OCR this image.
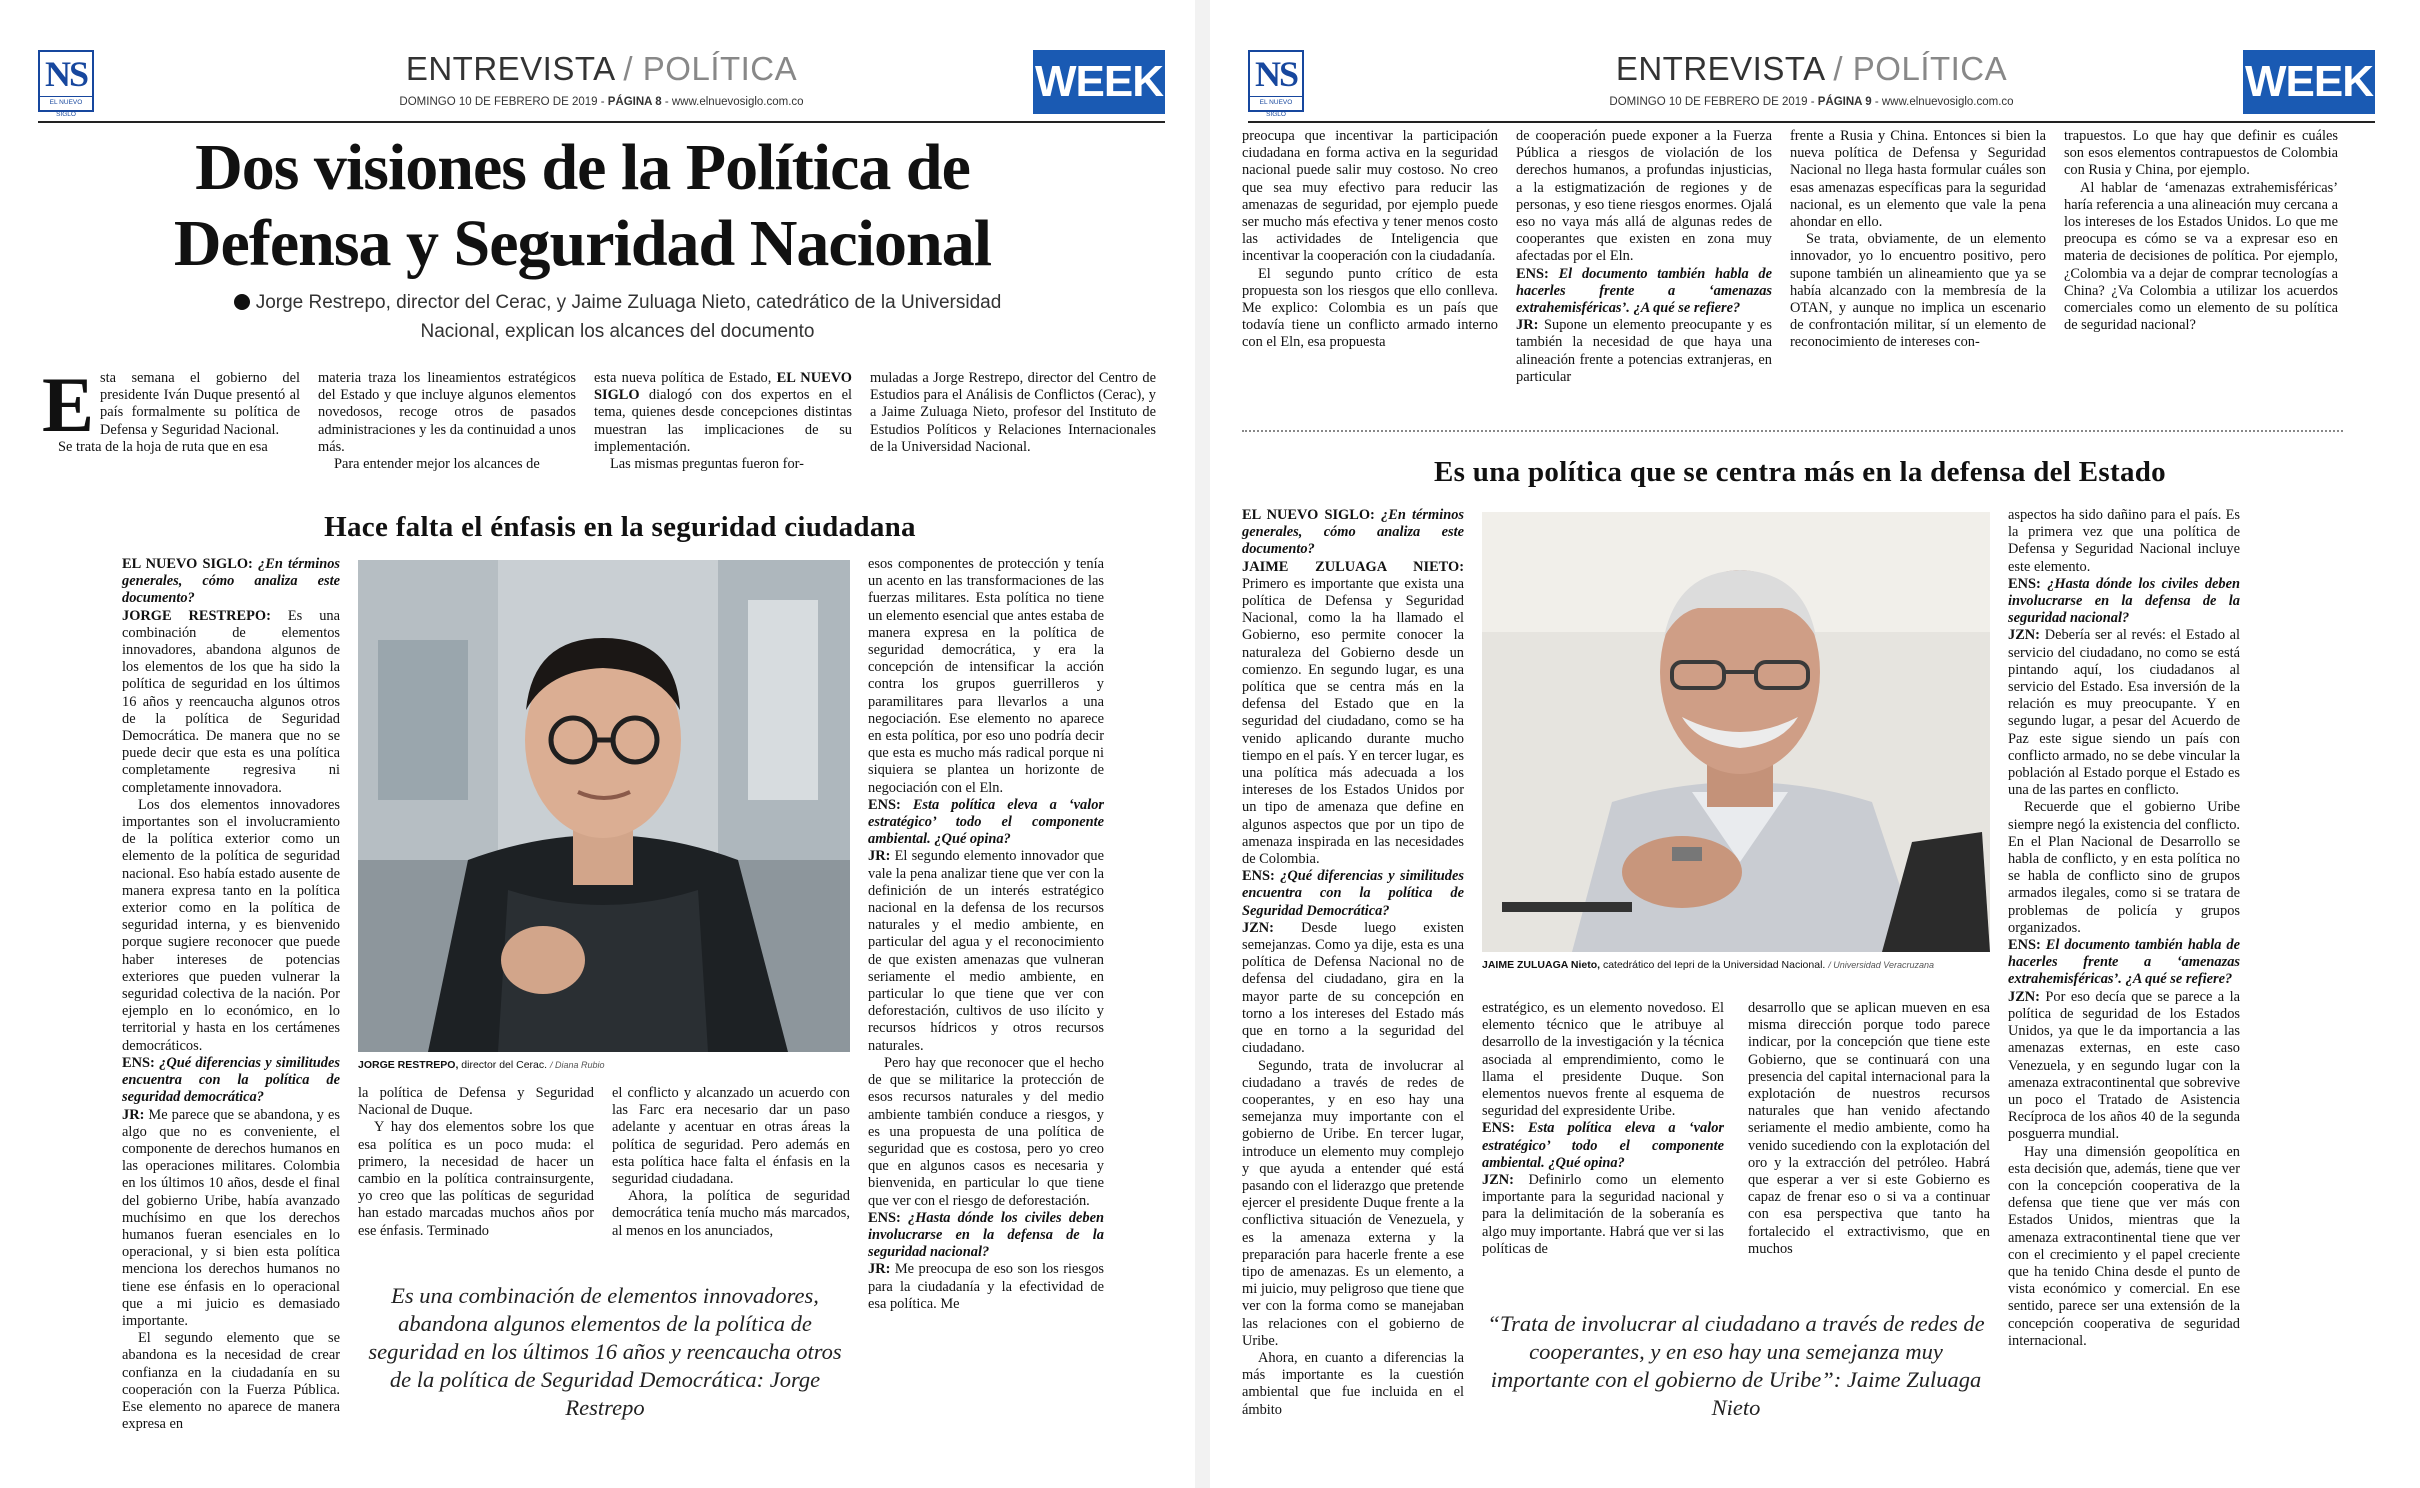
NS
EL NUEVO SIGLO
ENTREVISTA / POLÍTICA
DOMINGO 10 DE FEBRERO DE 2019 - PÁGINA 8 - www.elnuevosiglo.com.co	WEEK
Dos visiones de la Política de Defensa y Seguridad Nacional
Jorge Restrepo, director del Cerac, y Jaime Zuluaga Nieto, catedrático de la Universidad Nacional, explican los alcances del documento

Esta semana el gobierno del presidente Iván Duque presentó al país formalmente su política de Defensa y Seguridad Nacional.

Se trata de la hoja de ruta que en esa

materia traza los lineamientos estratégicos del Estado y que incluye algunos elementos novedosos, recoge otros de pasados administraciones y les da continuidad a unos más.

Para entender mejor los alcances de

esta nueva política de Estado, EL NUEVO SIGLO dialogó con dos expertos en el tema, quienes desde concepciones distintas muestran las implicaciones de su implementación.

Las mismas preguntas fueron for-

muladas a Jorge Restrepo, director del Centro de Estudios para el Análisis de Conflictos (Cerac), y a Jaime Zuluaga Nieto, profesor del Instituto de Estudios Políticos y Relaciones Internacionales de la Universidad Nacional.

Hace falta el énfasis en la seguridad ciudadana

EL NUEVO SIGLO: ¿En términos generales, cómo analiza este documento?

JORGE RESTREPO: Es una combinación de elementos innovadores, abandona algunos de los elementos de los que ha sido la política de seguridad en los últimos 16 años y reencaucha algunos otros de la política de Seguridad Democrática. De manera que no se puede decir que esta es una política completamente regresiva ni completamente innovadora.

Los dos elementos innovadores importantes son el involucramiento de la política exterior como un elemento de la política de seguridad nacional. Eso había estado ausente de manera expresa tanto en la política exterior como en la política de seguridad interna, y es bienvenido porque sugiere reconocer que puede haber intereses de potencias exteriores que pueden vulnerar la seguridad colectiva de la nación. Por ejemplo en lo económico, en lo territorial y hasta en los certámenes democráticos.

ENS: ¿Qué diferencias y similitudes encuentra con la política de seguridad democrática?

JR: Me parece que se abandona, y es algo que no es conveniente, el componente de derechos humanos en las operaciones militares. Colombia en los últimos 10 años, desde el final del gobierno Uribe, había avanzado muchísimo en que los derechos humanos fueran esenciales en lo operacional, y si bien esta política menciona los derechos humanos no tiene ese énfasis en lo operacional que a mi juicio es demasiado importante.

El segundo elemento que se abandona es la necesidad de crear confianza en la ciudadanía en su cooperación con la Fuerza Pública. Ese elemento no aparece de manera expresa en

JORGE RESTREPO, director del Cerac. / Diana Rubio

la política de Defensa y Seguridad Nacional de Duque.

Y hay dos elementos sobre los que esa política es un poco muda: el primero, la necesidad de hacer un cambio en la política contrainsurgente, yo creo que las políticas de seguridad han estado marcadas muchos años por ese énfasis. Terminado

el conflicto y alcanzado un acuerdo con las Farc era necesario dar un paso adelante y acentuar en otras áreas la política de seguridad. Pero además en esta política hace falta el énfasis en la seguridad ciudadana.

Ahora, la política de seguridad democrática tenía mucho más marcados, al menos en los anunciados,

esos componentes de protección y tenía un acento en las transformaciones de las fuerzas militares. Esta política no tiene un elemento esencial que antes estaba de manera expresa en la política de seguridad democrática, y era la concepción de intensificar la acción contra los grupos guerrilleros y paramilitares para llevarlos a una negociación. Ese elemento no aparece en esta política, por eso uno podría decir que esta es mucho más radical porque ni siquiera se plantea un horizonte de negociación con el Eln.

ENS: Esta política eleva a ‘valor estratégico’ todo el componente ambiental. ¿Qué opina?

JR: El segundo elemento innovador que vale la pena analizar tiene que ver con la definición de un interés estratégico nacional en la defensa de los recursos naturales y el medio ambiente, en particular del agua y el reconocimiento de que existen amenazas que vulneran seriamente el medio ambiente, en particular lo que tiene que ver con deforestación, cultivos de uso ilícito y recursos hídricos y otros recursos naturales.

Pero hay que reconocer que el hecho de que se militarice la protección de esos recursos naturales y del medio ambiente también conduce a riesgos, y es una propuesta de una política de seguridad que es costosa, pero yo creo que en algunos casos es necesaria y bienvenida, en particular lo que tiene que ver con el riesgo de deforestación.

ENS: ¿Hasta dónde los civiles deben involucrarse en la defensa de la seguridad nacional?

JR: Me preocupa de eso son los riesgos para la ciudadanía y la efectividad de esa política. Me

Es una combinación de elementos innovadores, abandona algunos elementos de la política de seguridad en los últimos 16 años y reencaucha otros de la política de Seguridad Democrática: Jorge Restrepo
NS
EL NUEVO SIGLO
ENTREVISTA / POLÍTICA
DOMINGO 10 DE FEBRERO DE 2019 - PÁGINA 9 - www.elnuevosiglo.com.co	WEEK

preocupa que incentivar la participación ciudadana en forma activa en la seguridad nacional puede salir muy costoso. No creo que sea muy efectivo para reducir las amenazas de seguridad, por ejemplo puede ser mucho más efectiva y tener menos costo las actividades de Inteligencia que incentivar la cooperación con la ciudadanía.

El segundo punto crítico de esta propuesta son los riesgos que ello conlleva. Me explico: Colombia es un país que todavía tiene un conflicto armado interno con el Eln, esa propuesta

de cooperación puede exponer a la Fuerza Pública a riesgos de violación de los derechos humanos, a profundas injusticias, a la estigmatización de regiones y de personas, y eso tiene riesgos enormes. Ojalá eso no vaya más allá de algunas redes de cooperantes que existen en zona muy afectadas por el Eln.

ENS: El documento también habla de hacerles frente a ‘amenazas extrahemisféricas’. ¿A qué se refiere?

JR: Supone un elemento preocupante y es también la necesidad de que haya una alineación frente a potencias extranjeras, en particular

frente a Rusia y China. Entonces si bien la nueva política de Defensa y Seguridad Nacional no llega hasta formular cuáles son esas amenazas específicas para la seguridad nacional, es un elemento que vale la pena ahondar en ello.

Se trata, obviamente, de un elemento innovador, yo lo encuentro positivo, pero supone también un alineamiento que ya se había alcanzado con la membresía de la OTAN, y aunque no implica un escenario de confrontación militar, sí un elemento de reconocimiento de intereses con-

trapuestos. Lo que hay que definir es cuáles son esos elementos contrapuestos de Colombia con Rusia y China, por ejemplo.

Al hablar de ‘amenazas extrahemisféricas’ haría referencia a una alineación muy cercana a los intereses de los Estados Unidos. Lo que me preocupa es cómo se va a expresar eso en materia de decisiones de política. Por ejemplo, ¿Colombia va a dejar de comprar tecnologías a China? ¿Va Colombia a utilizar los acuerdos comerciales como un elemento de su política de seguridad nacional?

Es una política que se centra más en la defensa del Estado

EL NUEVO SIGLO: ¿En términos generales, cómo analiza este documento?

JAIME ZULUAGA NIETO: Primero es importante que exista una política de Defensa y Seguridad Nacional, como la ha llamado el Gobierno, eso permite conocer la naturaleza del Gobierno desde un comienzo. En segundo lugar, es una política que se centra más en la defensa del Estado que en la seguridad del ciudadano, como se ha venido aplicando durante mucho tiempo en el país. Y en tercer lugar, es una política más adecuada a los intereses de los Estados Unidos por un tipo de amenaza que define en algunos aspectos que por un tipo de amenaza inspirada en las necesidades de Colombia.

ENS: ¿Qué diferencias y similitudes encuentra con la política de Seguridad Democrática?

JZN: Desde luego existen semejanzas. Como ya dije, esta es una política de Defensa Nacional no de defensa del ciudadano, gira en la mayor parte de su concepción en torno a los intereses del Estado más que en torno a la seguridad del ciudadano.

Segundo, trata de involucrar al ciudadano a través de redes de cooperantes, y en eso hay una semejanza muy importante con el gobierno de Uribe. En tercer lugar, introduce un elemento muy complejo y que ayuda a entender qué está pasando con el liderazgo que pretende ejercer el presidente Duque frente a la conflictiva situación de Venezuela, y es la amenaza externa y la preparación para hacerle frente a ese tipo de amenazas. Es un elemento, a mi juicio, muy peligroso que tiene que ver con la forma como se manejaban las relaciones con el gobierno de Uribe.

Ahora, en cuanto a diferencias la más importante es la cuestión ambiental que fue incluida en el ámbito

JAIME ZULUAGA Nieto, catedrático del Iepri de la Universidad Nacional. / Universidad Veracruzana

estratégico, es un elemento novedoso. El elemento técnico que le atribuye al desarrollo de la investigación y la técnica asociada al emprendimiento, como le llama el presidente Duque. Son elementos nuevos frente al esquema de seguridad del expresidente Uribe.

ENS: Esta política eleva a ‘valor estratégico’ todo el componente ambiental. ¿Qué opina?

JZN: Definirlo como un elemento importante para la seguridad nacional y para la delimitación de la soberanía es algo muy importante. Habrá que ver si las políticas de

desarrollo que se aplican mueven en esa misma dirección porque todo parece indicar, por la concepción que tiene este Gobierno, que se continuará con una presencia del capital internacional para la explotación de nuestros recursos naturales que han venido afectando seriamente el medio ambiente, como ha venido sucediendo con la explotación del oro y la extracción del petróleo. Habrá que esperar a ver si este Gobierno es capaz de frenar eso o si va a continuar con esa perspectiva que tanto ha fortalecido el extractivismo, que en muchos

aspectos ha sido dañino para el país. Es la primera vez que una política de Defensa y Seguridad Nacional incluye este elemento.

ENS: ¿Hasta dónde los civiles deben involucrarse en la defensa de la seguridad nacional?

JZN: Debería ser al revés: el Estado al servicio del ciudadano, no como se está pintando aquí, los ciudadanos al servicio del Estado. Esa inversión de la relación es muy preocupante. Y en segundo lugar, a pesar del Acuerdo de Paz este sigue siendo un país con conflicto armado, no se debe vincular la población al Estado porque el Estado es una de las partes en conflicto.

Recuerde que el gobierno Uribe siempre negó la existencia del conflicto. En el Plan Nacional de Desarrollo se habla de conflicto, y en esta política no se habla de conflicto sino de grupos armados ilegales, como si se tratara de problemas de policía y grupos organizados.

ENS: El documento también habla de hacerles frente a ‘amenazas extrahemisféricas’. ¿A qué se refiere?

JZN: Por eso decía que se parece a la política de seguridad de los Estados Unidos, ya que le da importancia a las amenazas externas, en este caso Venezuela, y en segundo lugar con la amenaza extracontinental que sobrevive un poco el Tratado de Asistencia Recíproca de los años 40 de la segunda posguerra mundial.

Hay una dimensión geopolítica en esta decisión que, además, tiene que ver con la concepción cooperativa de la defensa que tiene que ver más con Estados Unidos, mientras que la amenaza extracontinental tiene que ver con el crecimiento y el papel creciente que ha tenido China desde el punto de vista económico y comercial. En ese sentido, parece ser una extensión de la concepción cooperativa de seguridad internacional.

“Trata de involucrar al ciudadano a través de redes de cooperantes, y en eso hay una semejanza muy importante con el gobierno de Uribe”: Jaime Zuluaga Nieto
